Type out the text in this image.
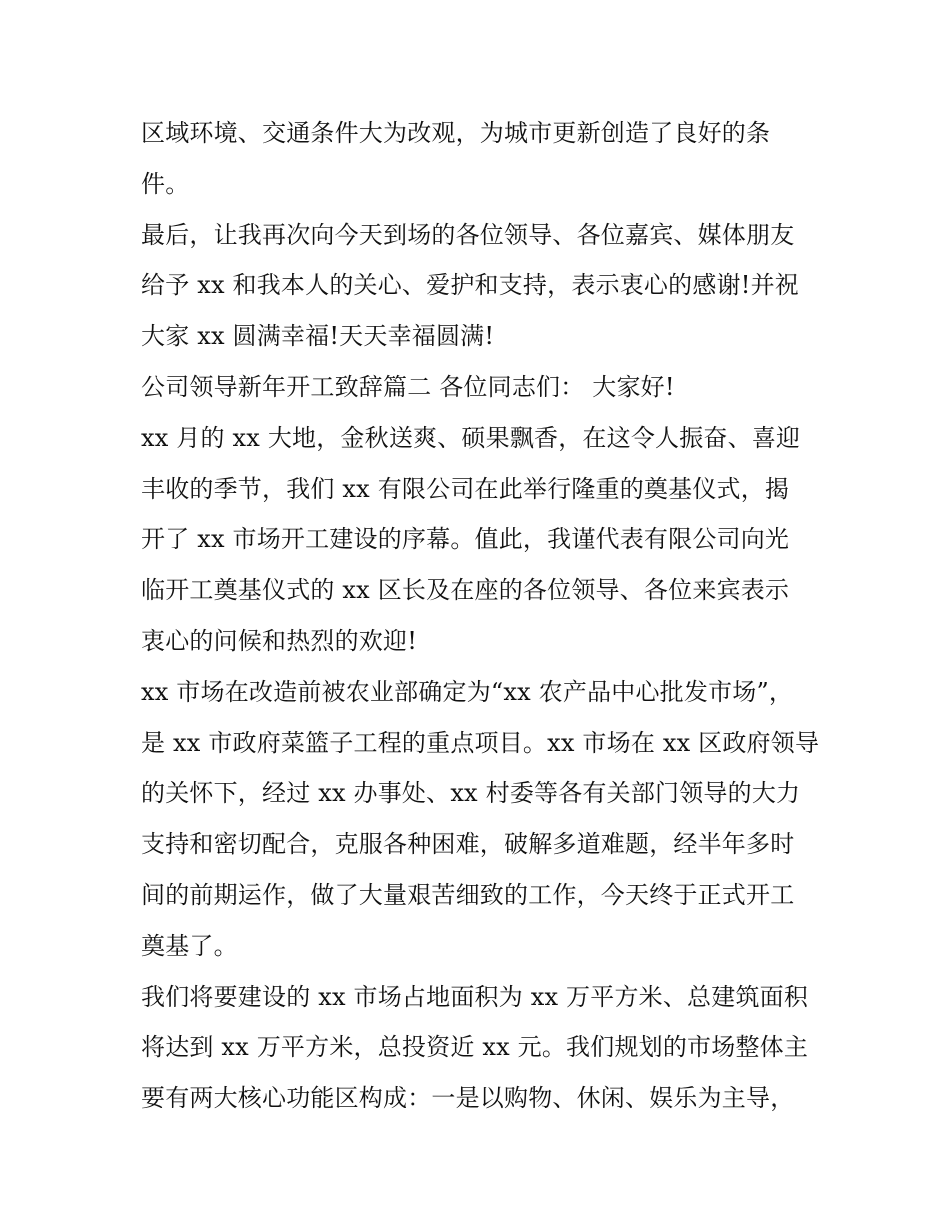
区域环境、交通条件大为改观，为城市更新创造了良好的条
件。
最后，让我再次向今天到场的各位领导、各位嘉宾、媒体朋友
给予 xx 和我本人的关心、爱护和支持，表示衷心的感谢!并祝
大家 xx 圆满幸福!天天幸福圆满!
公司领导新年开工致辞篇二 各位同志们： 大家好!
xx 月的 xx 大地，金秋送爽、硕果飘香，在这令人振奋、喜迎
丰收的季节，我们 xx 有限公司在此举行隆重的奠基仪式，揭
开了 xx 市场开工建设的序幕。值此，我谨代表有限公司向光
临开工奠基仪式的 xx 区长及在座的各位领导、各位来宾表示
衷心的问候和热烈的欢迎!
xx 市场在改造前被农业部确定为“xx 农产品中心批发市场”，
是 xx 市政府菜篮子工程的重点项目。xx 市场在 xx 区政府领导
的关怀下，经过 xx 办事处、xx 村委等各有关部门领导的大力
支持和密切配合，克服各种困难，破解多道难题，经半年多时
间的前期运作，做了大量艰苦细致的工作，今天终于正式开工
奠基了。
我们将要建设的 xx 市场占地面积为 xx 万平方米、总建筑面积
将达到 xx 万平方米，总投资近 xx 元。我们规划的市场整体主
要有两大核心功能区构成：一是以购物、休闲、娱乐为主导，
